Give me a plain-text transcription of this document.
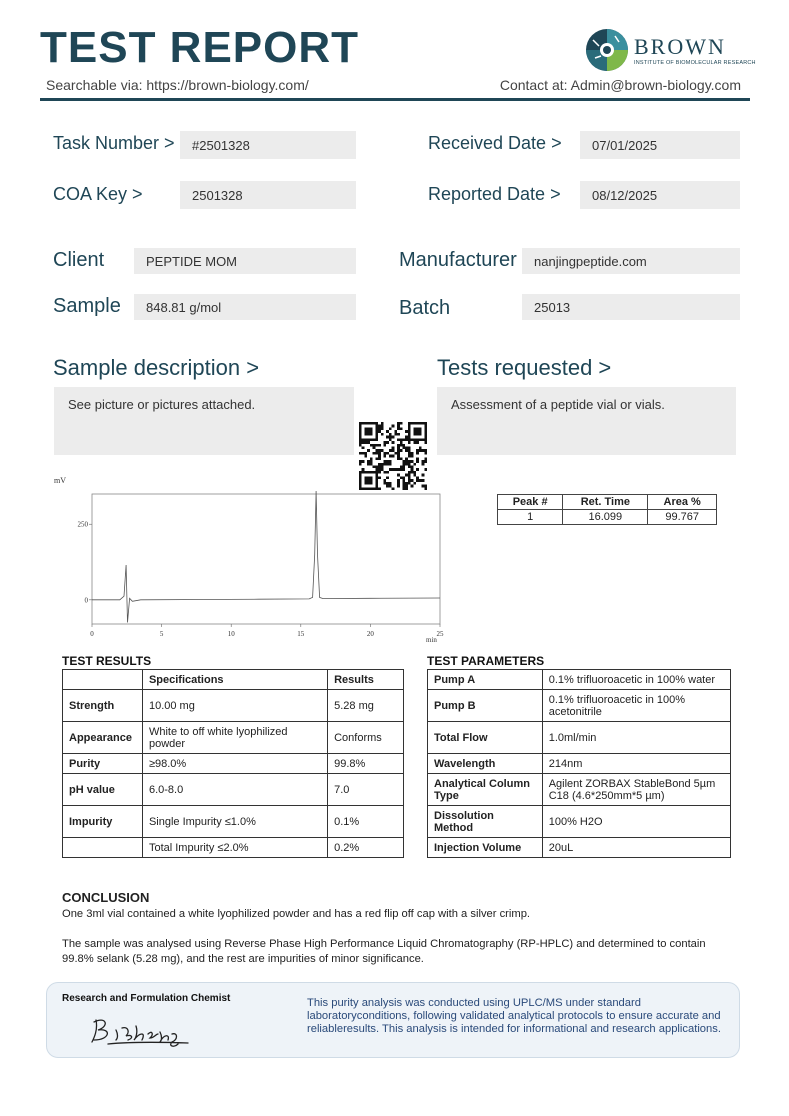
TEST REPORT
Searchable via: https://brown-biology.com/	Contact at: Admin@brown-biology.com
BROWN
INSTITUTE OF BIOMOLECULAR RESEARCH
Task Number >	#2501328	Received Date >	07/01/2025
COA Key >	2501328	Reported Date >	08/12/2025
Client	PEPTIDE MOM	Manufacturer	nanjingpeptide.com
Sample	848.81 g/mol	Batch	25013
Sample description >
See picture or pictures attached.
Tests requested >
Assessment of a peptide vial or vials.
mV
min
0	5	10	15	20	25
0
250
Peak #	Ret. Time	Area %
1	16.099	99.767
TEST RESULTS
	Specifications	Results
Strength	10.00 mg	5.28 mg
Appearance	White to off white lyophilized powder	Conforms
Purity	≥98.0%	99.8%
pH value	6.0-8.0	7.0
Impurity	Single Impurity ≤1.0%	0.1%
	Total Impurity ≤2.0%	0.2%
TEST PARAMETERS
Pump A	0.1% trifluoroacetic in 100% water
Pump B	0.1% trifluoroacetic in 100% acetonitrile
Total Flow	1.0ml/min
Wavelength	214nm
Analytical Column Type	Agilent ZORBAX StableBond 5µm C18 (4.6*250mm*5 µm)
Dissolution Method	100% H2O
Injection Volume	20uL
CONCLUSION
One 3ml vial contained a white lyophilized powder and has a red flip off cap with a silver crimp.
The sample was analysed using Reverse Phase High Performance Liquid Chromatography (RP-HPLC) and determined to contain 99.8% selank (5.28 mg), and the rest are impurities of minor significance.
Research and Formulation Chemist	This purity analysis was conducted using UPLC/MS under standard laboratoryconditions, following validated analytical protocols to ensure accurate and reliableresults. This analysis is intended for informational and research applications.
